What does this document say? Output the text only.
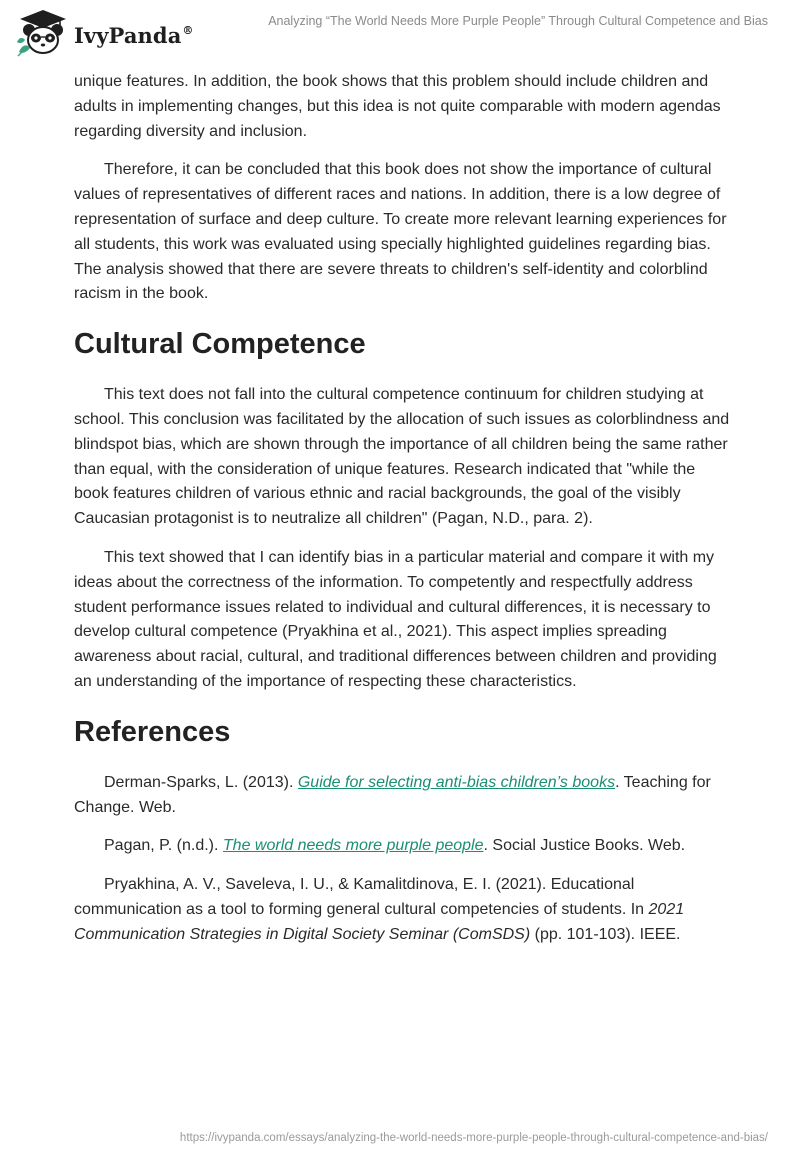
IvyPanda®
Analyzing “The World Needs More Purple People” Through Cultural Competence and Bias

unique features. In addition, the book shows that this problem should include children and adults in implementing changes, but this idea is not quite comparable with modern agendas regarding diversity and inclusion.

Therefore, it can be concluded that this book does not show the importance of cultural values of representatives of different races and nations. In addition, there is a low degree of representation of surface and deep culture. To create more relevant learning experiences for all students, this work was evaluated using specially highlighted guidelines regarding bias. The analysis showed that there are severe threats to children's self-identity and colorblind racism in the book.

Cultural Competence

This text does not fall into the cultural competence continuum for children studying at school. This conclusion was facilitated by the allocation of such issues as colorblindness and blindspot bias, which are shown through the importance of all children being the same rather than equal, with the consideration of unique features. Research indicated that "while the book features children of various ethnic and racial backgrounds, the goal of the visibly Caucasian protagonist is to neutralize all children" (Pagan, N.D., para. 2).

This text showed that I can identify bias in a particular material and compare it with my ideas about the correctness of the information. To competently and respectfully address student performance issues related to individual and cultural differences, it is necessary to develop cultural competence (Pryakhina et al., 2021). This aspect implies spreading awareness about racial, cultural, and traditional differences between children and providing an understanding of the importance of respecting these characteristics.

References

Derman-Sparks, L. (2013). Guide for selecting anti-bias children’s books. Teaching for Change. Web.

Pagan, P. (n.d.). The world needs more purple people. Social Justice Books. Web.

Pryakhina, A. V., Saveleva, I. U., & Kamalitdinova, E. I. (2021). Educational communication as a tool to forming general cultural competencies of students. In 2021 Communication Strategies in Digital Society Seminar (ComSDS) (pp. 101-103). IEEE.

https://ivypanda.com/essays/analyzing-the-world-needs-more-purple-people-through-cultural-competence-and-bias/
